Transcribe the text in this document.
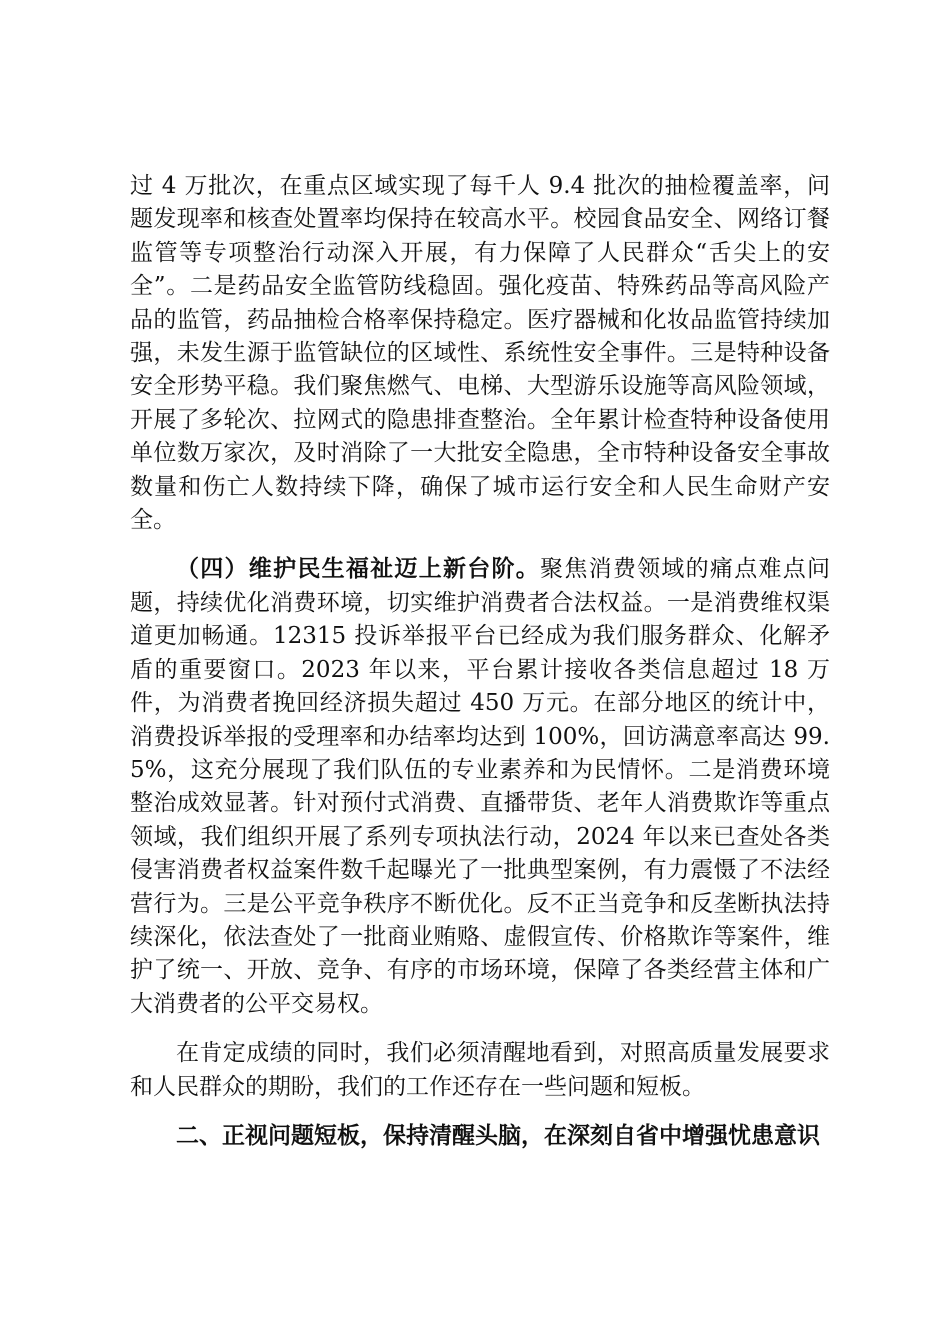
过 4 万批次，在重点区域实现了每千人 9.4 批次的抽检覆盖率，问题发现率和核查处置率均保持在较高水平。校园食品安全、网络订餐监管等专项整治行动深入开展，有力保障了人民群众“舌尖上的安全”。二是药品安全监管防线稳固。强化疫苗、特殊药品等高风险产品的监管，药品抽检合格率保持稳定。医疗器械和化妆品监管持续加强，未发生源于监管缺位的区域性、系统性安全事件。三是特种设备安全形势平稳。我们聚焦燃气、电梯、大型游乐设施等高风险领域，开展了多轮次、拉网式的隐患排查整治。全年累计检查特种设备使用单位数万家次，及时消除了一大批安全隐患，全市特种设备安全事故数量和伤亡人数持续下降，确保了城市运行安全和人民生命财产安全。

（四）维护民生福祉迈上新台阶。聚焦消费领域的痛点难点问题，持续优化消费环境，切实维护消费者合法权益。一是消费维权渠道更加畅通。12315 投诉举报平台已经成为我们服务群众、化解矛盾的重要窗口。2023 年以来，平台累计接收各类信息超过 18 万件，为消费者挽回经济损失超过 450 万元。在部分地区的统计中，消费投诉举报的受理率和办结率均达到 100%，回访满意率高达 99.5%，这充分展现了我们队伍的专业素养和为民情怀。二是消费环境整治成效显著。针对预付式消费、直播带货、老年人消费欺诈等重点领域，我们组织开展了系列专项执法行动，2024 年以来已查处各类侵害消费者权益案件数千起曝光了一批典型案例，有力震慑了不法经营行为。三是公平竞争秩序不断优化。反不正当竞争和反垄断执法持续深化，依法查处了一批商业贿赂、虚假宣传、价格欺诈等案件，维护了统一、开放、竞争、有序的市场环境，保障了各类经营主体和广大消费者的公平交易权。

在肯定成绩的同时，我们必须清醒地看到，对照高质量发展要求和人民群众的期盼，我们的工作还存在一些问题和短板。

二、正视问题短板，保持清醒头脑，在深刻自省中增强忧患意识
